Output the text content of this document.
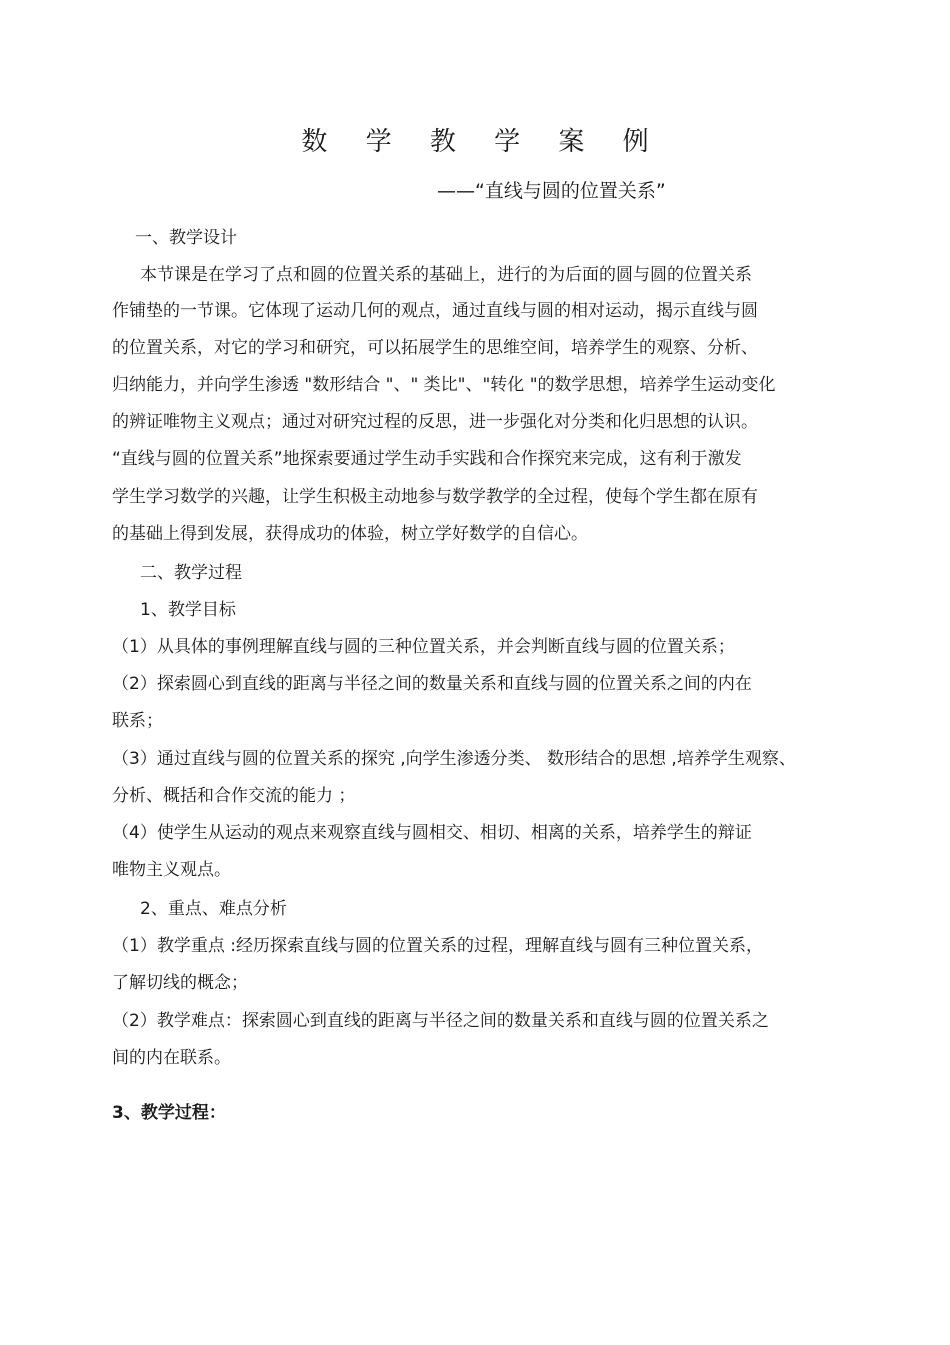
数 学 教 学 案 例
——“直线与圆的位置关系”
一、教学设计
本节课是在学习了点和圆的位置关系的基础上，进行的为后面的圆与圆的位置关系
作铺垫的一节课。它体现了运动几何的观点，通过直线与圆的相对运动，揭示直线与圆
的位置关系，对它的学习和研究，可以拓展学生的思维空间，培养学生的观察、分析、
归纳能力，并向学生渗透 "数形结合 "、" 类比"、"转化 "的数学思想，培养学生运动变化
的辨证唯物主义观点；通过对研究过程的反思，进一步强化对分类和化归思想的认识。
“直线与圆的位置关系”地探索要通过学生动手实践和合作探究来完成，这有利于激发
学生学习数学的兴趣，让学生积极主动地参与数学教学的全过程，使每个学生都在原有
的基础上得到发展，获得成功的体验，树立学好数学的自信心。
二、教学过程
1、教学目标
（1）从具体的事例理解直线与圆的三种位置关系，并会判断直线与圆的位置关系；
（2）探索圆心到直线的距离与半径之间的数量关系和直线与圆的位置关系之间的内在
联系；
（3）通过直线与圆的位置关系的探究 ,向学生渗透分类、 数形结合的思想 ,培养学生观察、
分析、概括和合作交流的能力 ；
（4）使学生从运动的观点来观察直线与圆相交、相切、相离的关系，培养学生的辩证
唯物主义观点。
2、重点、难点分析
（1）教学重点 :经历探索直线与圆的位置关系的过程，理解直线与圆有三种位置关系，
了解切线的概念；
（2）教学难点：探索圆心到直线的距离与半径之间的数量关系和直线与圆的位置关系之
间的内在联系。
3、教学过程：
